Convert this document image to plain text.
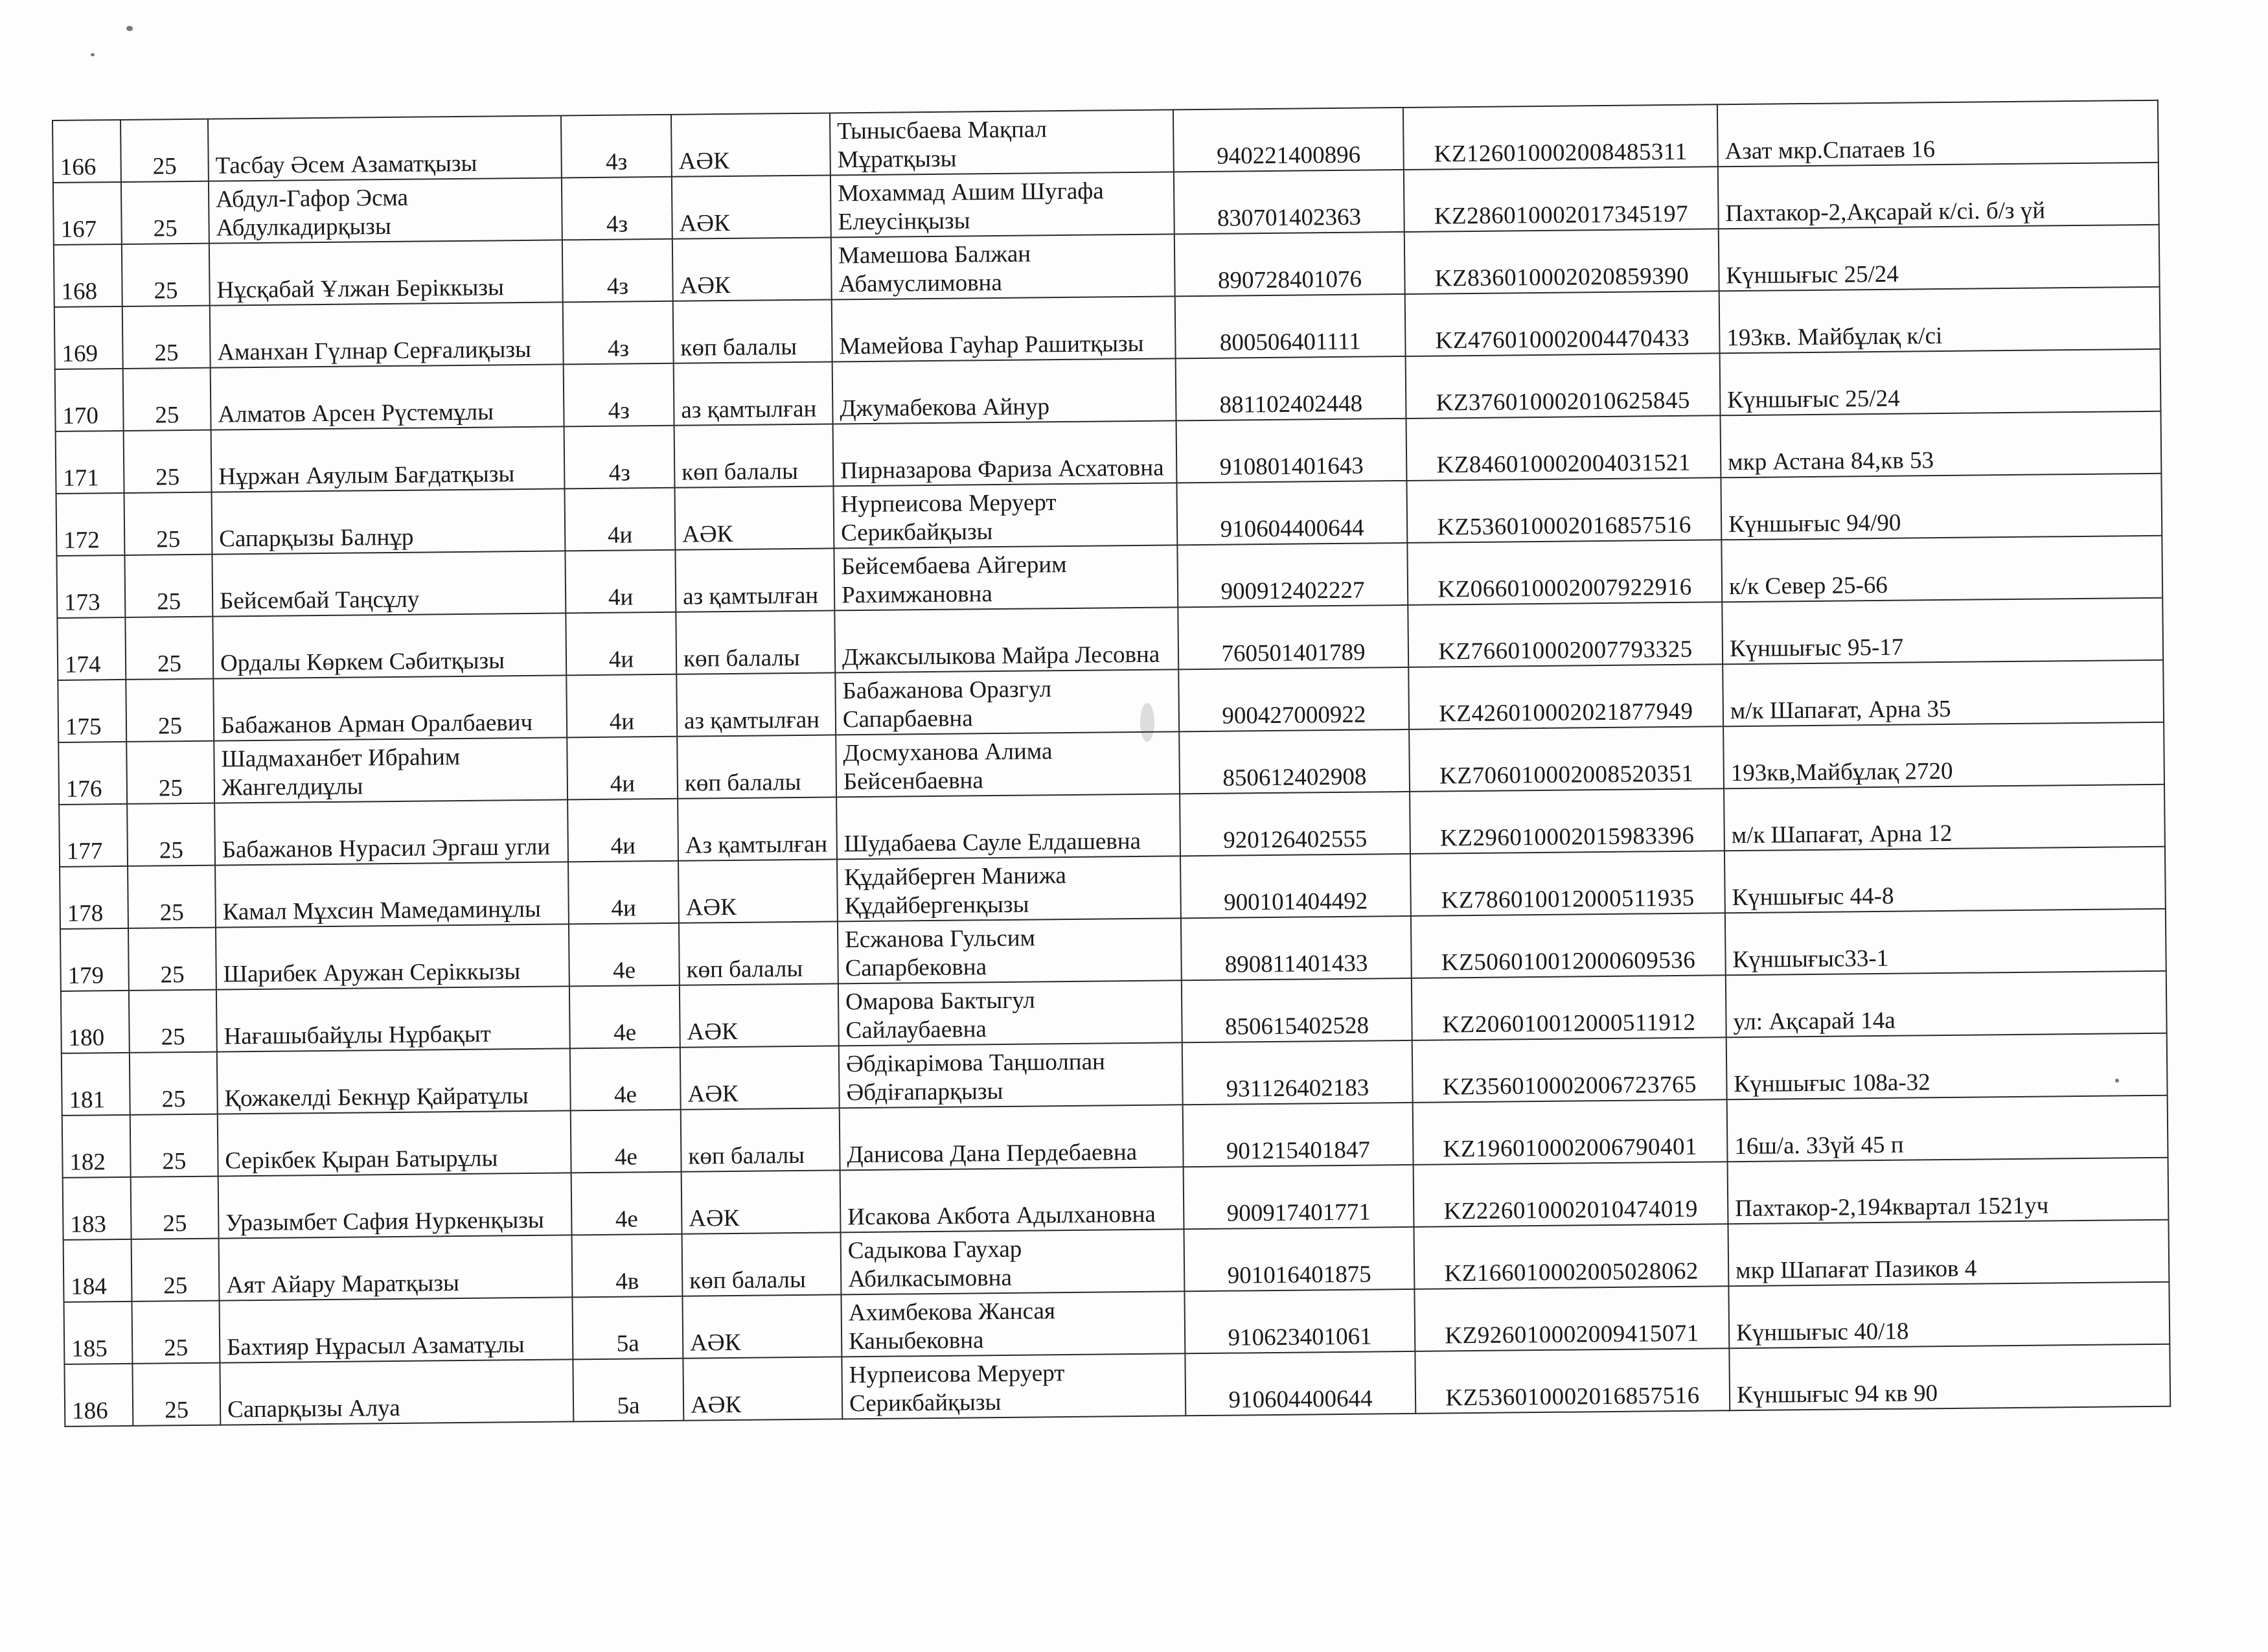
166	25	Тасбау Әсем Азаматқызы	4з	АӘК	Тынысбаева Мақпал Мұратқызы	940221400896	KZ126010002008485311	Азат мкр.Спатаев 16
167	25	Абдул-Гафор Эсма Абдулкадирқызы	4з	АӘК	Мохаммад Ашим Шугафа Елеусінқызы	830701402363	KZ286010002017345197	Пахтакор-2,Ақсарай к/сі. б/з үй
168	25	Нұсқабай Ұлжан Беріккызы	4з	АӘК	Мамешова Балжан Абамуслимовна	890728401076	KZ836010002020859390	Күншығыс 25/24
169	25	Аманхан Гүлнар Серғалиқызы	4з	көп балалы	Мамейова Гауһар Рашитқызы	800506401111	KZ476010002004470433	193кв. Майбұлақ к/сі
170	25	Алматов Арсен Рүстемұлы	4з	аз қамтылған	Джумабекова Айнур	881102402448	KZ376010002010625845	Күншығыс 25/24
171	25	Нұржан Аяулым Бағдатқызы	4з	көп балалы	Пирназарова Фариза Асхатовна	910801401643	KZ846010002004031521	мкр Астана 84,кв 53
172	25	Сапарқызы Балнұр	4и	АӘК	Нурпеисова Меруерт Серикбайқызы	910604400644	KZ536010002016857516	Күншығыс 94/90
173	25	Бейсембай Таңсұлу	4и	аз қамтылған	Бейсембаева Айгерим Рахимжановна	900912402227	KZ066010002007922916	к/к Север 25-66
174	25	Ордалы Көркем Сәбитқызы	4и	көп балалы	Джаксылыкова Майра Лесовна	760501401789	KZ766010002007793325	Күншығыс 95-17
175	25	Бабажанов Арман Оралбаевич	4и	аз қамтылған	Бабажанова Оразгул Сапарбаевна	900427000922	KZ426010002021877949	м/к Шапағат, Арна 35
176	25	Шадмаханбет Ибраһим Жангелдиұлы	4и	көп балалы	Досмуханова Алима Бейсенбаевна	850612402908	KZ706010002008520351	193кв,Майбұлақ 2720
177	25	Бабажанов Нурасил Эргаш угли	4и	Аз қамтылған	Шудабаева Сауле Елдашевна	920126402555	KZ296010002015983396	м/к Шапағат, Арна 12
178	25	Камал Мұхсин Мамедаминұлы	4и	АӘК	Құдайберген Манижа Құдайбергенқызы	900101404492	KZ786010012000511935	Күншығыс 44-8
179	25	Шарибек Аружан Серіккызы	4е	көп балалы	Есжанова Гульсим Сапарбековна	890811401433	KZ506010012000609536	Күншығыс33-1
180	25	Нағашыбайұлы Нұрбақыт	4е	АӘК	Омарова Бактыгул Сайлаубаевна	850615402528	KZ206010012000511912	ул: Ақсарай 14а
181	25	Қожакелді Бекнұр Қайратұлы	4е	АӘК	Әбдікарімова Таңшолпан Әбдіғапарқызы	931126402183	KZ356010002006723765	Күншығыс 108а-32
182	25	Серікбек Қыран Батырұлы	4е	көп балалы	Данисова Дана Пердебаевна	901215401847	KZ196010002006790401	16ш/а. 33үй 45 п
183	25	Уразымбет Сафия Нуркенқызы	4е	АӘК	Исакова Акбота Адылхановна	900917401771	KZ226010002010474019	Пахтакор-2,194квартал 1521уч
184	25	Аят Айару Маратқызы	4в	көп балалы	Садыкова Гаухар Абилкасымовна	901016401875	KZ166010002005028062	мкр Шапағат Пазиков 4
185	25	Бахтияр Нұрасыл Азаматұлы	5а	АӘК	Ахимбекова Жансая Каныбековна	910623401061	KZ926010002009415071	Күншығыс 40/18
186	25	Сапарқызы Алуа	5а	АӘК	Нурпеисова Меруерт Серикбайқызы	910604400644	KZ536010002016857516	Күншығыс 94 кв 90
